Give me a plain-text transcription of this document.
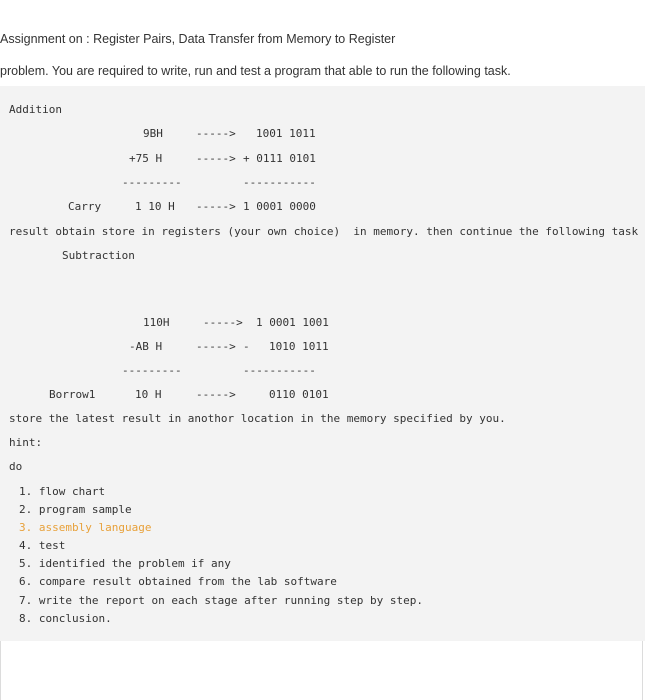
Assignment on : Register Pairs, Data Transfer from Memory to Register
problem. You are required to write, run and test a program that able to run the following task.
Addition
9BH	-----> 1001 1011
+75 H	-----> + 0111 0101
---------	-----------
Carry	1 10 H -----> 1 0001 0000
result obtain store in registers (your own choice)  in memory. then continue the following task
Subtraction
110H	-----> 1 0001 1001
-AB H	-----> - 1010 1011
---------	-----------
Borrow1	10 H	----->	0110 0101
store the latest result in anothor location in the memory specified by you.
hint:
do
1. flow chart
2. program sample
3. assembly language
4. test
5. identified the problem if any
6. compare result obtained from the lab software
7. write the report on each stage after running step by step.
8. conclusion.
